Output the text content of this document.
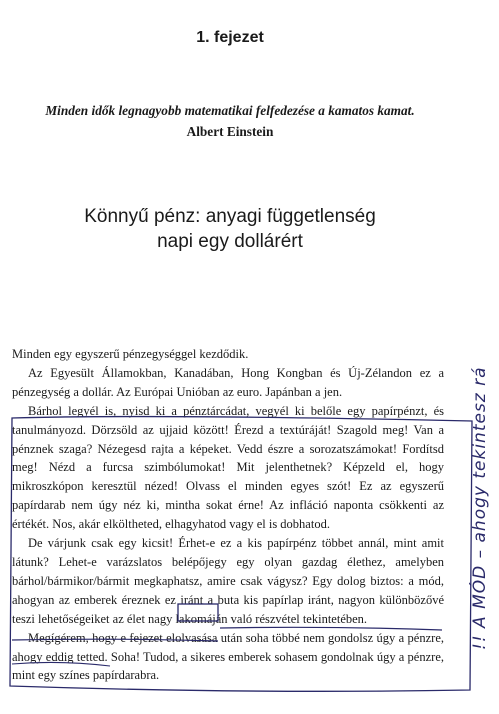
1. fejezet
Minden idők legnagyobb matematikai felfedezése a kamatos kamat.
Albert Einstein
Könnyű pénz: anyagi függetlenség
napi egy dollárért

Minden egy egyszerű pénzegységgel kezdődik.

Az Egyesült Államokban, Kanadában, Hong Kongban és Új-Zélandon ez a pénzegység a dollár. Az Európai Unióban az euro. Japánban a jen.

Bárhol legyél is, nyisd ki a pénztárcádat, vegyél ki belőle egy papírpénzt, és tanulmányozd. Dörzsöld az ujjaid között! Érezd a textúráját! Szagold meg! Van a pénznek szaga? Nézegesd rajta a képeket. Vedd észre a sorozatszámokat! Fordítsd meg! Nézd a furcsa szimbólumokat! Mit jelenthetnek? Képzeld el, hogy mikroszkópon keresztül nézed! Olvass el minden egyes szót! Ez az egyszerű papírdarab nem úgy néz ki, mintha sokat érne! Az infláció naponta csökkenti az értékét. Nos, akár elköltheted, elhagyhatod vagy el is dobhatod.

De várjunk csak egy kicsit! Érhet-e ez a kis papírpénz többet annál, mint amit látunk? Lehet-e varázslatos belépőjegy egy olyan gazdag élethez, amelyben bárhol/bármikor/bármit megkaphatsz, amire csak vágysz? Egy dolog biztos: a mód, ahogyan az emberek éreznek ez iránt a buta kis papírlap iránt, nagyon különbözővé teszi lehetőségeiket az élet nagy lakomáján való részvétel tekintetében.

Megígérem, hogy e fejezet elolvasása után soha többé nem gondolsz úgy a pénzre, ahogy eddig tetted. Soha! Tudod, a sikeres emberek sohasem gondolnak úgy a pénzre, mint egy színes papírdarabra.

!! A MÓD – ahogy tekintesz rá
